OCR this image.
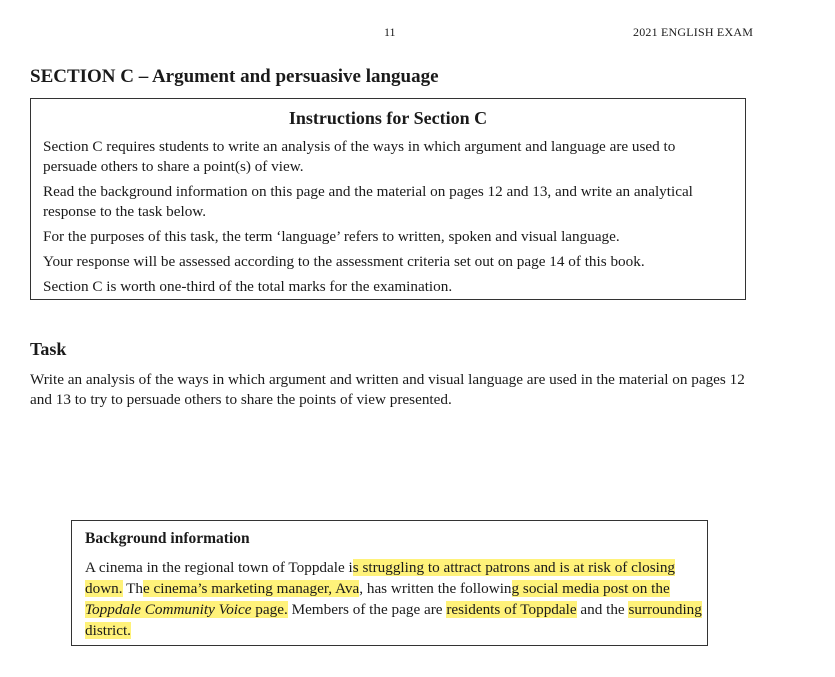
11	2021 ENGLISH EXAM
SECTION C – Argument and persuasive language
Instructions for Section C

Section C requires students to write an analysis of the ways in which argument and language are used to persuade others to share a point(s) of view.

Read the background information on this page and the material on pages 12 and 13, and write an analytical response to the task below.

For the purposes of this task, the term ‘language’ refers to written, spoken and visual language.

Your response will be assessed according to the assessment criteria set out on page 14 of this book.

Section C is worth one-third of the total marks for the examination.

Task

Write an analysis of the ways in which argument and written and visual language are used in the material on pages 12 and 13 to try to persuade others to share the points of view presented.

Background information

A cinema in the regional town of Toppdale is struggling to attract patrons and is at risk of closing down. The cinema’s marketing manager, Ava, has written the following social media post on the Toppdale Community Voice page. Members of the page are residents of Toppdale and the surrounding district.
